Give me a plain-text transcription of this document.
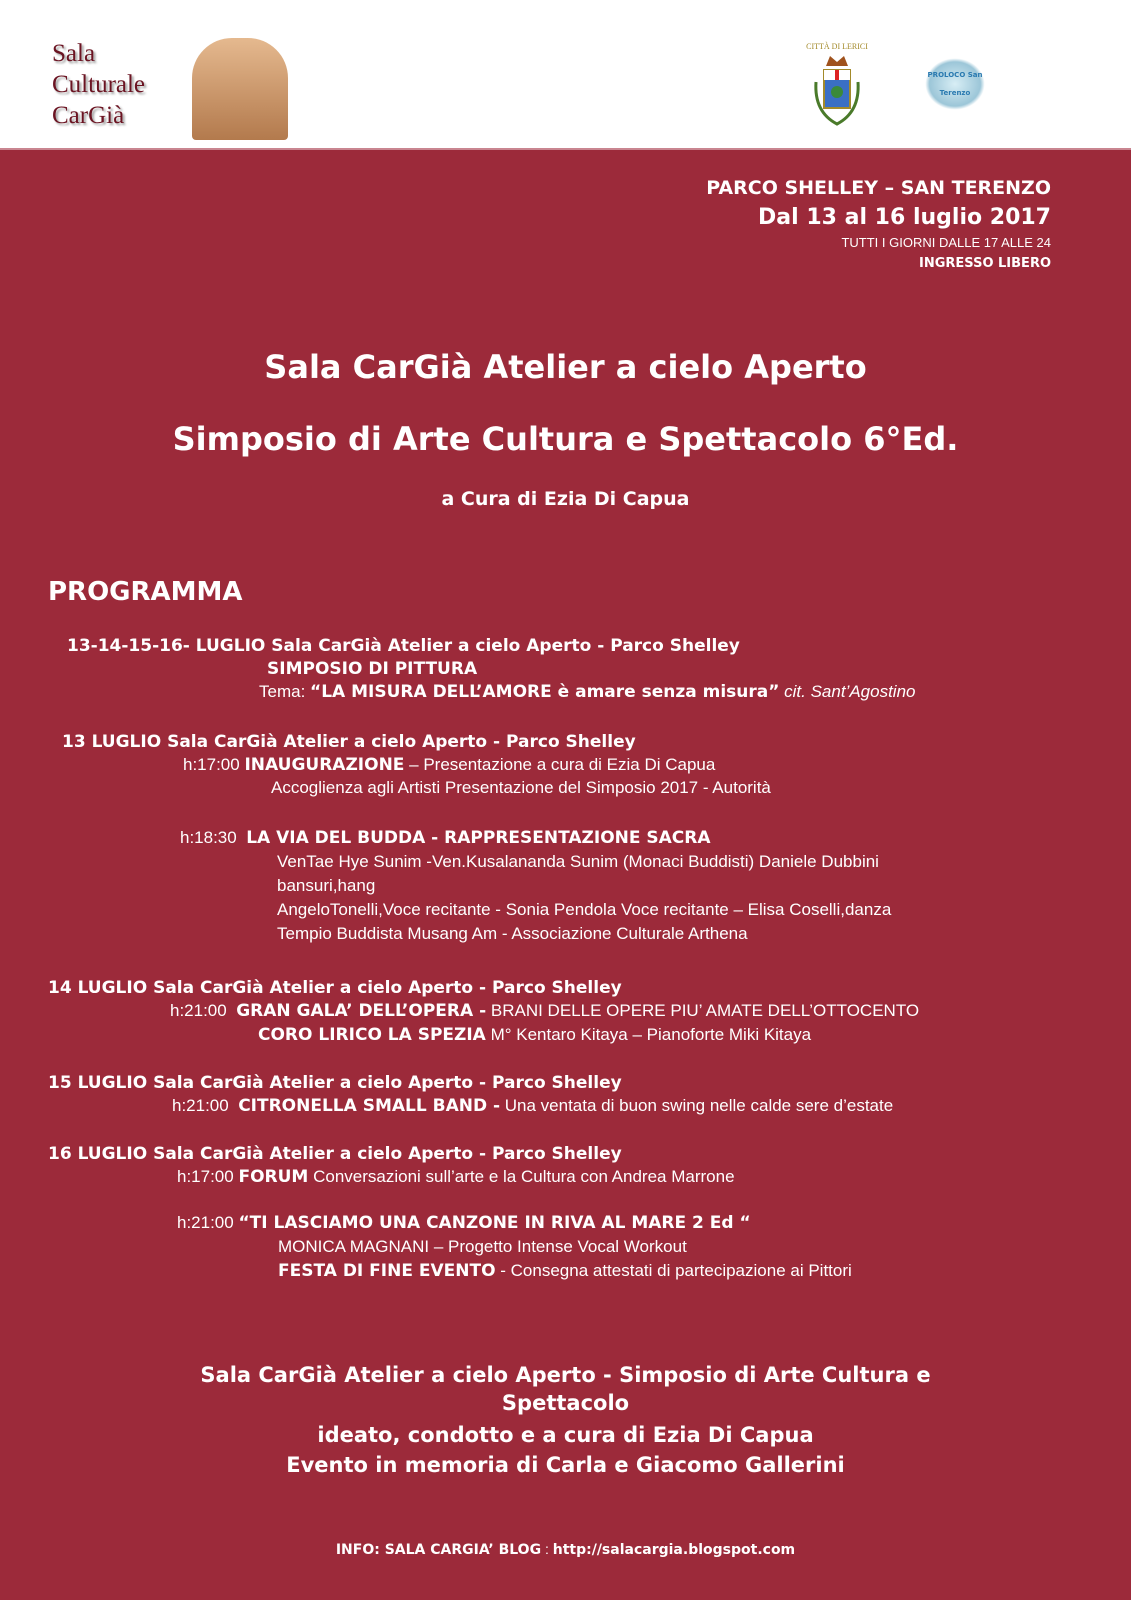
Sala
Culturale
CarGià
CITTÀ DI LERICI
PROLOCO San Terenzo
PARCO SHELLEY – SAN TERENZO
Dal 13 al 16 luglio 2017
TUTTI I GIORNI DALLE 17 ALLE 24
INGRESSO LIBERO
Sala CarGià Atelier a cielo Aperto
Simposio di Arte Cultura e Spettacolo 6°Ed.
a Cura di Ezia Di Capua
PROGRAMMA
13-14-15-16- LUGLIO Sala CarGià Atelier a cielo Aperto - Parco Shelley
SIMPOSIO DI PITTURA
Tema: “LA MISURA DELL’AMORE è amare senza misura” cit. Sant’Agostino
13 LUGLIO Sala CarGià Atelier a cielo Aperto - Parco Shelley
h:17:00 INAUGURAZIONE – Presentazione a cura di Ezia Di Capua
Accoglienza agli Artisti Presentazione del Simposio 2017 - Autorità
h:18:30 LA VIA DEL BUDDA - RAPPRESENTAZIONE SACRA
VenTae Hye Sunim -Ven.Kusalananda Sunim (Monaci Buddisti) Daniele Dubbini
bansuri,hang
AngeloTonelli,Voce recitante - Sonia Pendola Voce recitante – Elisa Coselli,danza
Tempio Buddista Musang Am - Associazione Culturale Arthena
14 LUGLIO Sala CarGià Atelier a cielo Aperto - Parco Shelley
h:21:00 GRAN GALA’ DELL’OPERA - BRANI DELLE OPERE PIU’ AMATE DELL’OTTOCENTO
CORO LIRICO LA SPEZIA M° Kentaro Kitaya – Pianoforte Miki Kitaya
15 LUGLIO Sala CarGià Atelier a cielo Aperto - Parco Shelley
h:21:00 CITRONELLA SMALL BAND - Una ventata di buon swing nelle calde sere d’estate
16 LUGLIO Sala CarGià Atelier a cielo Aperto - Parco Shelley
h:17:00 FORUM Conversazioni sull’arte e la Cultura con Andrea Marrone
h:21:00 “TI LASCIAMO UNA CANZONE IN RIVA AL MARE 2 Ed “
MONICA MAGNANI – Progetto Intense Vocal Workout
FESTA DI FINE EVENTO - Consegna attestati di partecipazione ai Pittori
Sala CarGià Atelier a cielo Aperto - Simposio di Arte Cultura e
Spettacolo
ideato, condotto e a cura di Ezia Di Capua
Evento in memoria di Carla e Giacomo Gallerini
INFO: SALA CARGIA’ BLOG : http://salacargia.blogspot.com
